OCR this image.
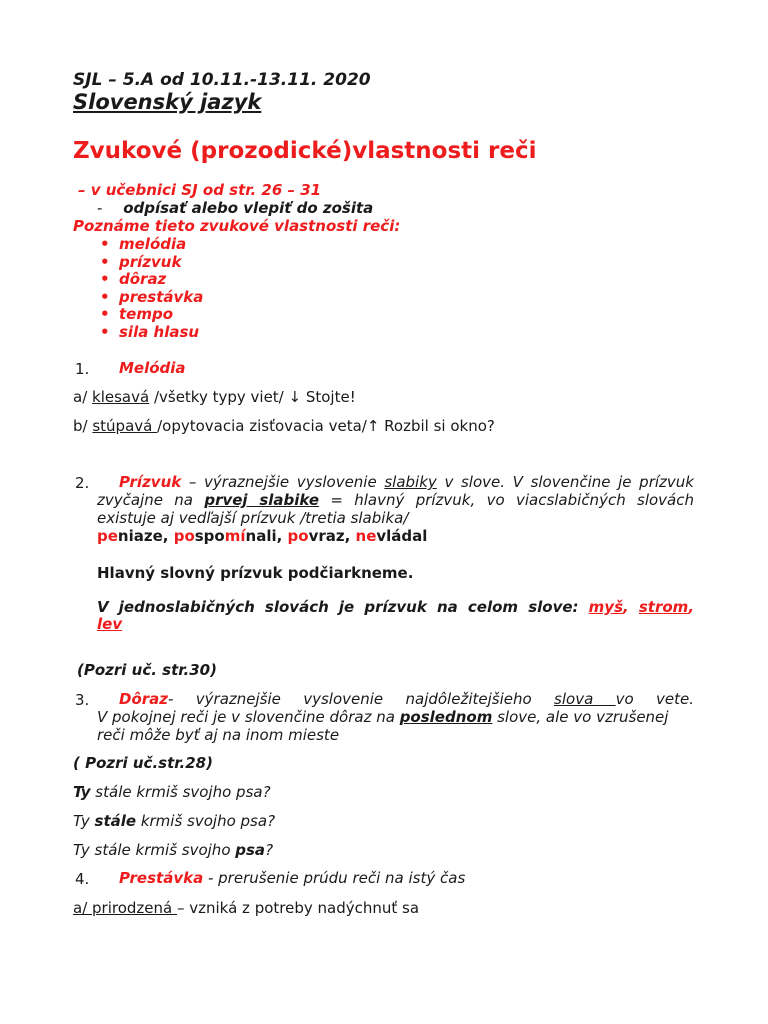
SJL – 5.A od 10.11.-13.11. 2020
Slovenský jazyk
Zvukové (prozodické)vlastnosti reči
– v učebnici SJ od str. 26 – 31
- odpísať alebo vlepiť do zošita
Poznáme tieto zvukové vlastnosti reči:
• melódia
• prízvuk
• dôraz
• prestávka
• tempo
• sila hlasu
1. Melódia
a/ klesavá /všetky typy viet/ ↓ Stojte!
b/ stúpavá /opytovacia zisťovacia veta/↑ Rozbil si okno?
2. Prízvuk – výraznejšie vyslovenie slabiky v slove. V slovenčine je prízvuk
zvyčajne na prvej slabike = hlavný prízvuk, vo viacslabičných slovách
existuje aj vedľajší prízvuk /tretia slabika/
peniaze, pospomínali, povraz, nevládal
Hlavný slovný prízvuk podčiarkneme.
V jednoslabičných slovách je prízvuk na celom slove: myš, strom,
lev
(Pozri uč. str.30)
3. Dôraz- výraznejšie vyslovenie najdôležitejšieho slova vo vete.
V pokojnej reči je v slovenčine dôraz na poslednom slove, ale vo vzrušenej
reči môže byť aj na inom mieste
( Pozri uč.str.28)
Ty stále krmiš svojho psa?
Ty stále krmiš svojho psa?
Ty stále krmiš svojho psa?
4. Prestávka - prerušenie prúdu reči na istý čas
a/ prirodzená – vzniká z potreby nadýchnuť sa
